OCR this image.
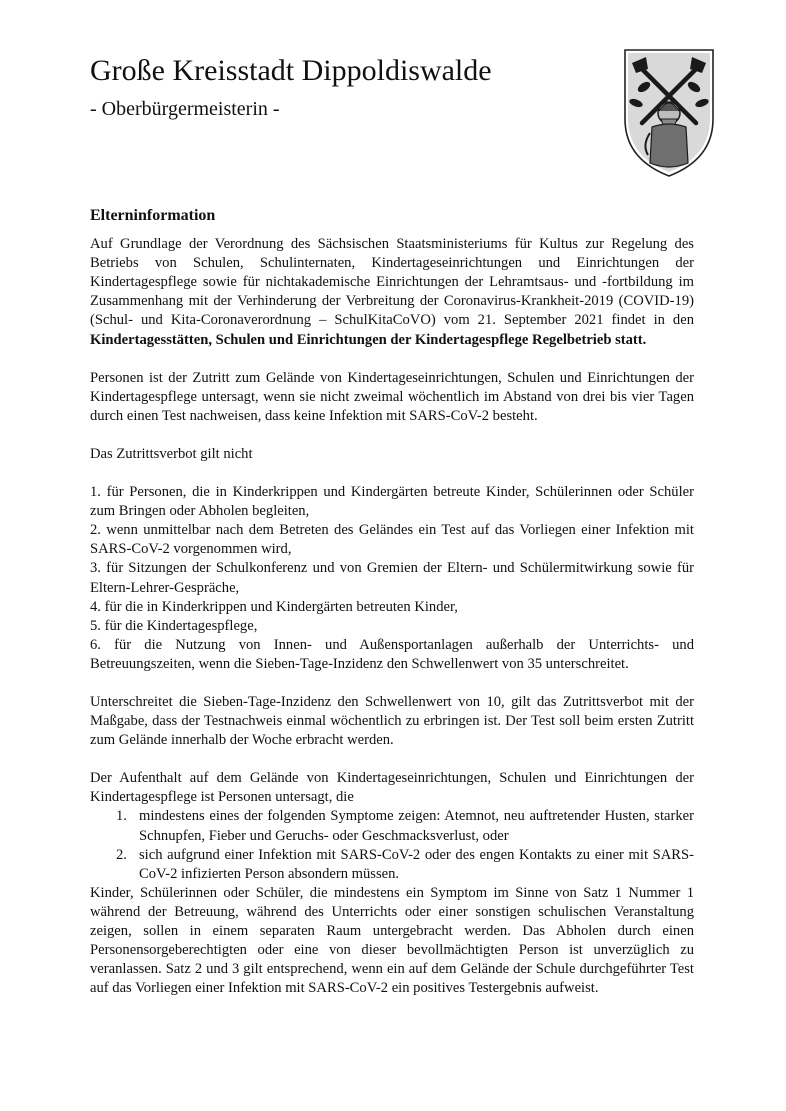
Große Kreisstadt Dippoldiswalde
- Oberbürgermeisterin -

Elterninformation

Auf Grundlage der Verordnung des Sächsischen Staatsministeriums für Kultus zur Regelung des Betriebs von Schulen, Schulinternaten, Kindertageseinrichtungen und Einrichtungen der Kindertagespflege sowie für nichtakademische Einrichtungen der Lehramtsaus- und -fortbildung im Zusammenhang mit der Verhinderung der Verbreitung der Coronavirus-Krankheit-2019 (COVID-19) (Schul- und Kita-Coronaverordnung – SchulKitaCoVO) vom 21. September 2021 findet in den Kindertagesstätten, Schulen und Einrichtungen der Kindertagespflege Regelbetrieb statt.

Personen ist der Zutritt zum Gelände von Kindertageseinrichtungen, Schulen und Einrichtungen der Kindertagespflege untersagt, wenn sie nicht zweimal wöchentlich im Abstand von drei bis vier Tagen durch einen Test nachweisen, dass keine Infektion mit SARS-CoV-2 besteht.

Das Zutrittsverbot gilt nicht

1. für Personen, die in Kinderkrippen und Kindergärten betreute Kinder, Schülerinnen oder Schüler zum Bringen oder Abholen begleiten,

2. wenn unmittelbar nach dem Betreten des Geländes ein Test auf das Vorliegen einer Infektion mit SARS-CoV-2 vorgenommen wird,

3. für Sitzungen der Schulkonferenz und von Gremien der Eltern- und Schülermitwirkung sowie für Eltern-Lehrer-Gespräche,

4. für die in Kinderkrippen und Kindergärten betreuten Kinder,

5. für die Kindertagespflege,

6. für die Nutzung von Innen- und Außensportanlagen außerhalb der Unterrichts- und Betreuungszeiten, wenn die Sieben-Tage-Inzidenz den Schwellenwert von 35 unterschreitet.

Unterschreitet die Sieben-Tage-Inzidenz den Schwellenwert von 10, gilt das Zutrittsverbot mit der Maßgabe, dass der Testnachweis einmal wöchentlich zu erbringen ist. Der Test soll beim ersten Zutritt zum Gelände innerhalb der Woche erbracht werden.

Der Aufenthalt auf dem Gelände von Kindertageseinrichtungen, Schulen und Einrichtungen der Kindertagespflege ist Personen untersagt, die

1. mindestens eines der folgenden Symptome zeigen: Atemnot, neu auftretender Husten, starker Schnupfen, Fieber und Geruchs- oder Geschmacksverlust, oder
2. sich aufgrund einer Infektion mit SARS-CoV-2 oder des engen Kontakts zu einer mit SARS-CoV-2 infizierten Person absondern müssen.

Kinder, Schülerinnen oder Schüler, die mindestens ein Symptom im Sinne von Satz 1 Nummer 1 während der Betreuung, während des Unterrichts oder einer sonstigen schulischen Veranstaltung zeigen, sollen in einem separaten Raum untergebracht werden. Das Abholen durch einen Personensorgeberechtigten oder eine von dieser bevollmächtigten Person ist unverzüglich zu veranlassen. Satz 2 und 3 gilt entsprechend, wenn ein auf dem Gelände der Schule durchgeführter Test auf das Vorliegen einer Infektion mit SARS-CoV-2 ein positives Testergebnis aufweist.
